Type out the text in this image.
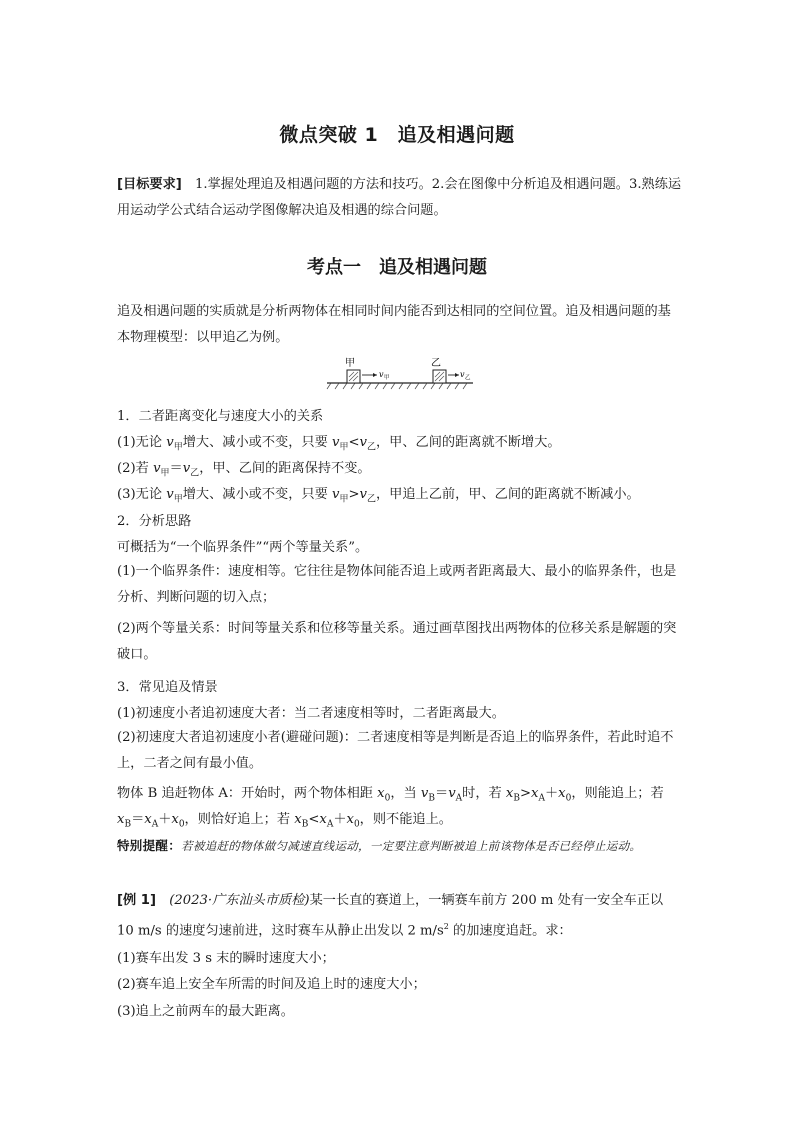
微点突破 1　追及相遇问题
[目标要求]　1.掌握处理追及相遇问题的方法和技巧。2.会在图像中分析追及相遇问题。3.熟练运用运动学公式结合运动学图像解决追及相遇的综合问题。
考点一　追及相遇问题
追及相遇问题的实质就是分析两物体在相同时间内能否到达相同的空间位置。追及相遇问题的基本物理模型：以甲追乙为例。
甲
v 甲
乙
v 乙
1．二者距离变化与速度大小的关系
(1)无论 $v_甲$增大、减小或不变，只要 $v_甲<v_乙$，甲、乙间的距离就不断增大。
(2)若 $v_甲=v_乙$，甲、乙间的距离保持不变。
(3)无论 $v_甲$增大、减小或不变，只要 $v_甲>v_乙$，甲追上乙前，甲、乙间的距离就不断减小。
2．分析思路
可概括为“一个临界条件”“两个等量关系”。
(1)一个临界条件：速度相等。它往往是物体间能否追上或两者距离最大、最小的临界条件，也是分析、判断问题的切入点；
(2)两个等量关系：时间等量关系和位移等量关系。通过画草图找出两物体的位移关系是解题的突破口。
3．常见追及情景
(1)初速度小者追初速度大者：当二者速度相等时，二者距离最大。
(2)初速度大者追初速度小者(避碰问题)：二者速度相等是判断是否追上的临界条件，若此时追不上，二者之间有最小值。
物体 B 追赶物体 A：开始时，两个物体相距 $x_0$，当 $v_B=v_A$时，若 $x_B>x_A+x_0$，则能追上；若
$x_B=x_A+x_0$，则恰好追上；若 $x_B<x_A+x_0$，则不能追上。
特别提醒：若被追赶的物体做匀减速直线运动，一定要注意判断被追上前该物体是否已经停止运动。
[例 1]　(2023·广东汕头市质检)某一长直的赛道上，一辆赛车前方 200 m 处有一安全车正以 10 m/s 的速度匀速前进，这时赛车从静止出发以 2 $m/s^2$ 的加速度追赶。求：
(1)赛车出发 3 s 末的瞬时速度大小；
(2)赛车追上安全车所需的时间及追上时的速度大小；
(3)追上之前两车的最大距离。
